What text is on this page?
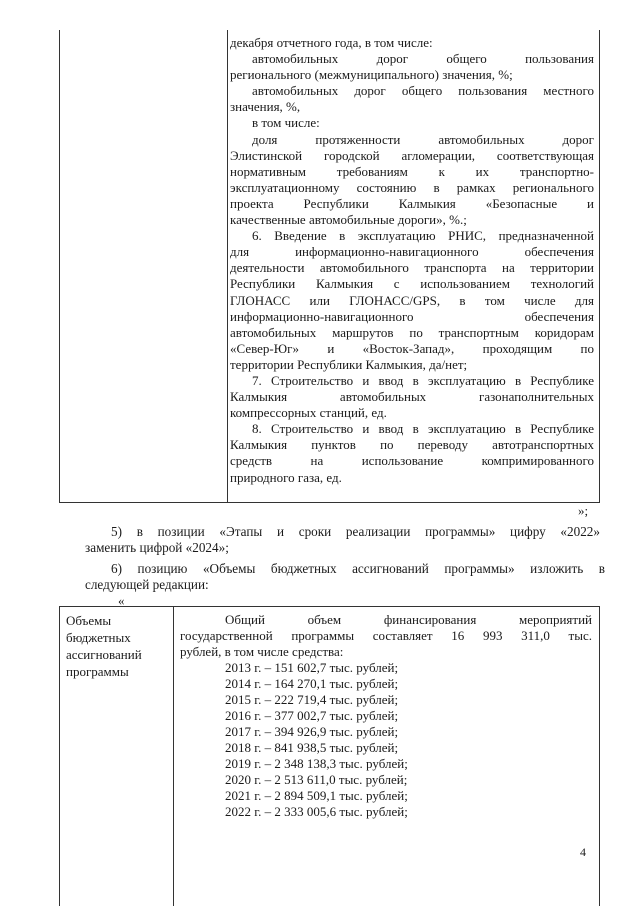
декабря отчетного года, в том числе:
автомобильных дорог общего пользования
регионального (межмуниципального) значения, %;
автомобильных дорог общего пользования местного
значения, %,
в том числе:
доля протяженности автомобильных дорог
Элистинской городской агломерации, соответствующая
нормативным требованиям к их транспортно-
эксплуатационному состоянию в рамках регионального
проекта Республики Калмыкия «Безопасные и
качественные автомобильные дороги», %.;
6. Введение в эксплуатацию РНИС, предназначенной
для информационно-навигационного обеспечения
деятельности автомобильного транспорта на территории
Республики Калмыкия с использованием технологий
ГЛОНАСС или ГЛОНАСС/GPS, в том числе для
информационно-навигационного обеспечения
автомобильных маршрутов по транспортным коридорам
«Север-Юг» и «Восток-Запад», проходящим по
территории Республики Калмыкия, да/нет;
7. Строительство и ввод в эксплуатацию в Республике
Калмыкия автомобильных газонаполнительных
компрессорных станций, ед.
8. Строительство и ввод в эксплуатацию в Республике
Калмыкия пунктов по переводу автотранспортных
средств на использование компримированного
природного газа, ед.
»;
5) в позиции «Этапы и сроки реализации программы» цифру «2022»
заменить цифрой «2024»;
6) позицию «Объемы бюджетных ассигнований программы» изложить в
следующей редакции:
«
Объемы
бюджетных
ассигнований
программы
Общий объем финансирования мероприятий
государственной программы составляет 16 993 311,0 тыс.
рублей, в том числе средства:
2013 г. – 151 602,7 тыс. рублей;
2014 г. – 164 270,1 тыс. рублей;
2015 г. – 222 719,4 тыс. рублей;
2016 г. – 377 002,7 тыс. рублей;
2017 г. – 394 926,9 тыс. рублей;
2018 г. – 841 938,5 тыс. рублей;
2019 г. – 2 348 138,3 тыс. рублей;
2020 г. – 2 513 611,0 тыс. рублей;
2021 г. – 2 894 509,1 тыс. рублей;
2022 г. – 2 333 005,6 тыс. рублей;
4
